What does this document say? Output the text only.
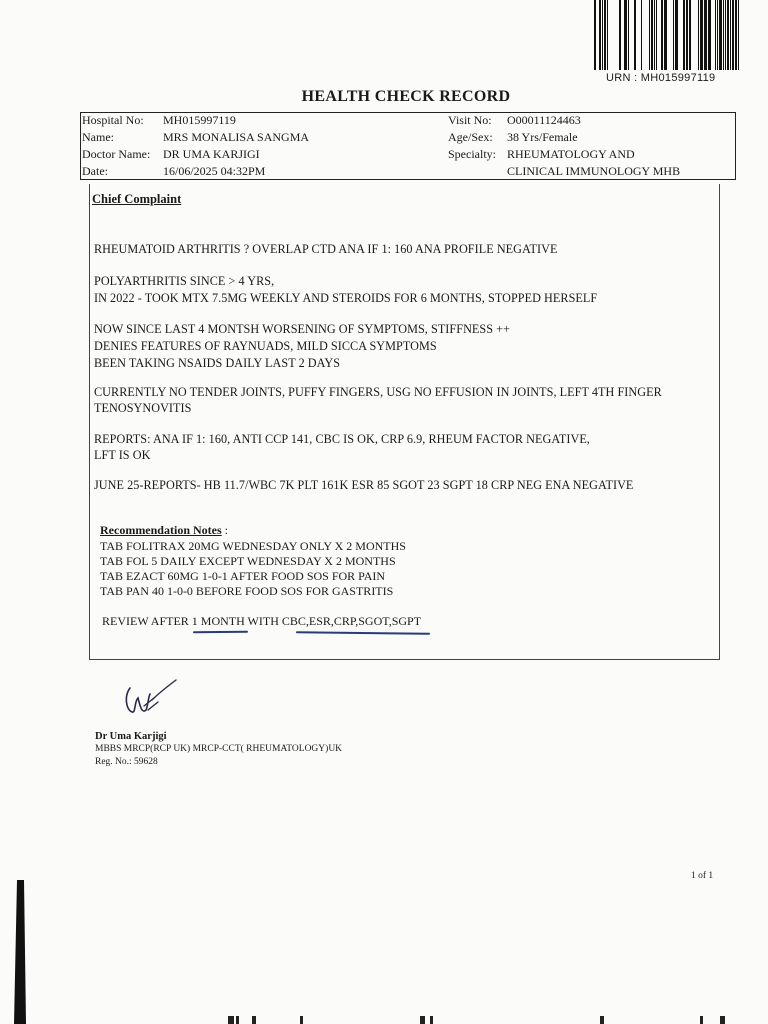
URN : MH015997119
HEALTH CHECK RECORD
Hospital No: MH015997119
Name:	MRS MONALISA SANGMA
Doctor Name: DR UMA KARJIGI
Date:	16/06/2025 04:32PM
Visit No: O00011124463
Age/Sex: 38 Yrs/Female
Specialty: RHEUMATOLOGY AND
CLINICAL IMMUNOLOGY MHB
Chief Complaint
RHEUMATOID ARTHRITIS ? OVERLAP CTD ANA IF 1: 160 ANA PROFILE NEGATIVE
POLYARTHRITIS SINCE > 4 YRS,
IN 2022 - TOOK MTX 7.5MG WEEKLY AND STEROIDS FOR 6 MONTHS, STOPPED HERSELF
NOW SINCE LAST 4 MONTSH WORSENING OF SYMPTOMS, STIFFNESS ++
DENIES FEATURES OF RAYNUADS, MILD SICCA SYMPTOMS
BEEN TAKING NSAIDS DAILY LAST 2 DAYS
CURRENTLY NO TENDER JOINTS, PUFFY FINGERS, USG NO EFFUSION IN JOINTS, LEFT 4TH FINGER
TENOSYNOVITIS
REPORTS: ANA IF 1: 160, ANTI CCP 141, CBC IS OK, CRP 6.9, RHEUM FACTOR NEGATIVE,
LFT IS OK
JUNE 25-REPORTS- HB 11.7/WBC 7K PLT 161K ESR 85 SGOT 23 SGPT 18 CRP NEG ENA NEGATIVE
Recommendation Notes :
TAB FOLITRAX 20MG WEDNESDAY ONLY X 2 MONTHS
TAB FOL 5 DAILY EXCEPT WEDNESDAY X 2 MONTHS
TAB EZACT 60MG 1-0-1 AFTER FOOD SOS FOR PAIN
TAB PAN 40 1-0-0 BEFORE FOOD SOS FOR GASTRITIS
REVIEW AFTER 1 MONTH WITH CBC,ESR,CRP,SGOT,SGPT
Dr Uma Karjigi
MBBS MRCP(RCP UK) MRCP-CCT( RHEUMATOLOGY)UK
Reg. No.: 59628
1 of 1
